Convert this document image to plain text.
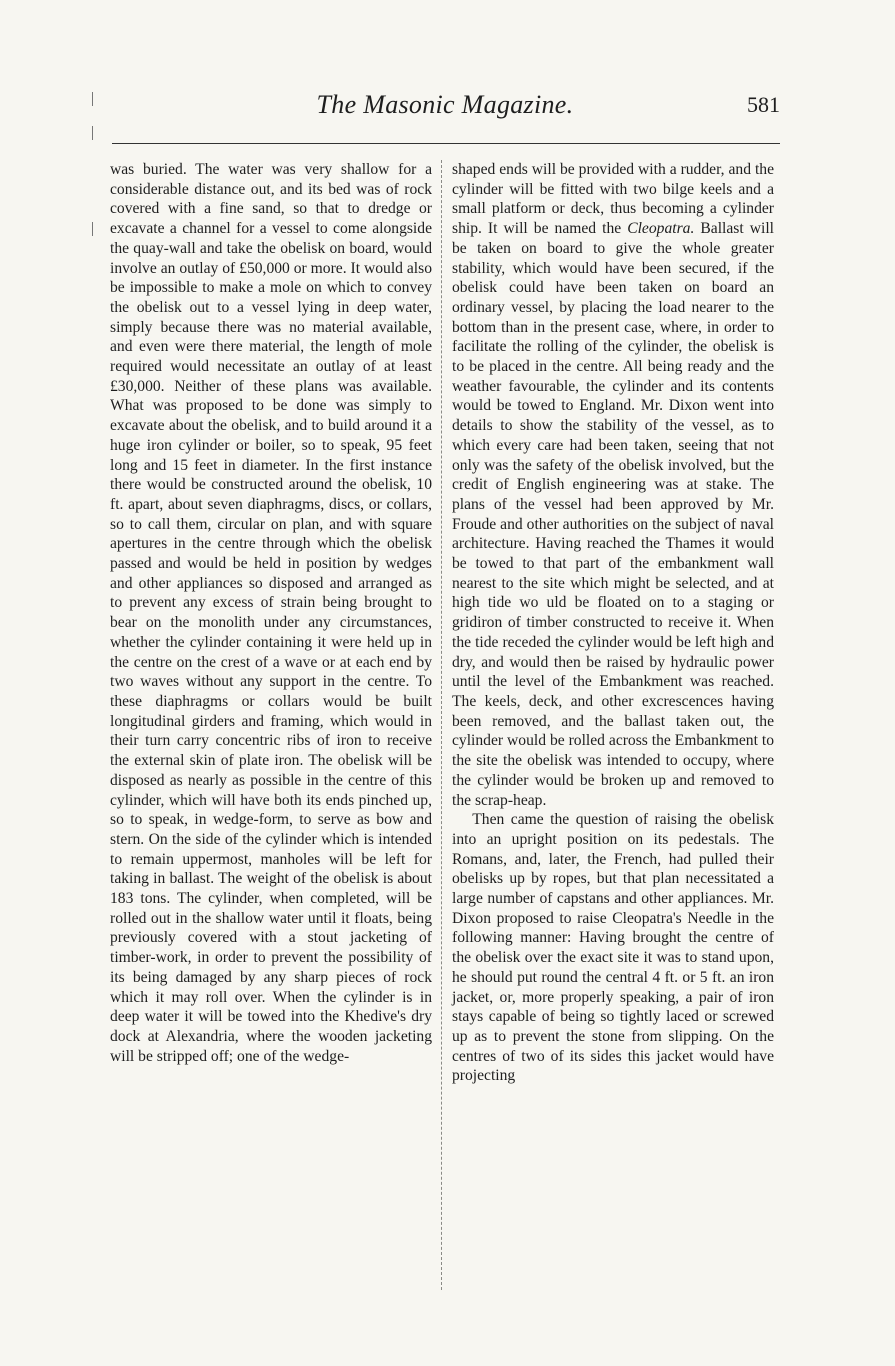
The Masonic Magazine.	581

was buried. The water was very shallow for a considerable distance out, and its bed was of rock covered with a fine sand, so that to dredge or excavate a channel for a vessel to come alongside the quay-wall and take the obelisk on board, would involve an outlay of £50,000 or more. It would also be impossible to make a mole on which to convey the obelisk out to a vessel lying in deep water, simply because there was no material available, and even were there material, the length of mole required would necessitate an outlay of at least £30,000. Neither of these plans was available. What was proposed to be done was simply to excavate about the obelisk, and to build around it a huge iron cylinder or boiler, so to speak, 95 feet long and 15 feet in diameter. In the first instance there would be constructed around the obelisk, 10 ft. apart, about seven diaphragms, discs, or collars, so to call them, circular on plan, and with square apertures in the centre through which the obelisk passed and would be held in position by wedges and other appliances so disposed and arranged as to prevent any excess of strain being brought to bear on the monolith under any circumstances, whether the cylinder containing it were held up in the centre on the crest of a wave or at each end by two waves without any support in the centre. To these diaphragms or collars would be built longitudinal girders and framing, which would in their turn carry concentric ribs of iron to receive the external skin of plate iron. The obelisk will be disposed as nearly as possible in the centre of this cylinder, which will have both its ends pinched up, so to speak, in wedge-form, to serve as bow and stern. On the side of the cylinder which is intended to remain uppermost, manholes will be left for taking in ballast. The weight of the obelisk is about 183 tons. The cylinder, when completed, will be rolled out in the shallow water until it floats, being previously covered with a stout jacketing of timber-work, in order to prevent the possibility of its being damaged by any sharp pieces of rock which it may roll over. When the cylinder is in deep water it will be towed into the Khedive's dry dock at Alexandria, where the wooden jacketing will be stripped off; one of the wedge-

shaped ends will be provided with a rudder, and the cylinder will be fitted with two bilge keels and a small platform or deck, thus becoming a cylinder ship. It will be named the Cleopatra. Ballast will be taken on board to give the whole greater stability, which would have been secured, if the obelisk could have been taken on board an ordinary vessel, by placing the load nearer to the bottom than in the present case, where, in order to facilitate the rolling of the cylinder, the obelisk is to be placed in the centre. All being ready and the weather favourable, the cylinder and its contents would be towed to England. Mr. Dixon went into details to show the stability of the vessel, as to which every care had been taken, seeing that not only was the safety of the obelisk involved, but the credit of English engineering was at stake. The plans of the vessel had been approved by Mr. Froude and other authorities on the subject of naval architecture. Having reached the Thames it would be towed to that part of the embankment wall nearest to the site which might be selected, and at high tide wo uld be floated on to a staging or gridiron of timber constructed to receive it. When the tide receded the cylinder would be left high and dry, and would then be raised by hydraulic power until the level of the Embankment was reached. The keels, deck, and other excrescences having been removed, and the ballast taken out, the cylinder would be rolled across the Embankment to the site the obelisk was intended to occupy, where the cylinder would be broken up and removed to the scrap-heap.

Then came the question of raising the obelisk into an upright position on its pedestals. The Romans, and, later, the French, had pulled their obelisks up by ropes, but that plan necessitated a large number of capstans and other appliances. Mr. Dixon proposed to raise Cleopatra's Needle in the following manner: Having brought the centre of the obelisk over the exact site it was to stand upon, he should put round the central 4 ft. or 5 ft. an iron jacket, or, more properly speaking, a pair of iron stays capable of being so tightly laced or screwed up as to prevent the stone from slipping. On the centres of two of its sides this jacket would have projecting
